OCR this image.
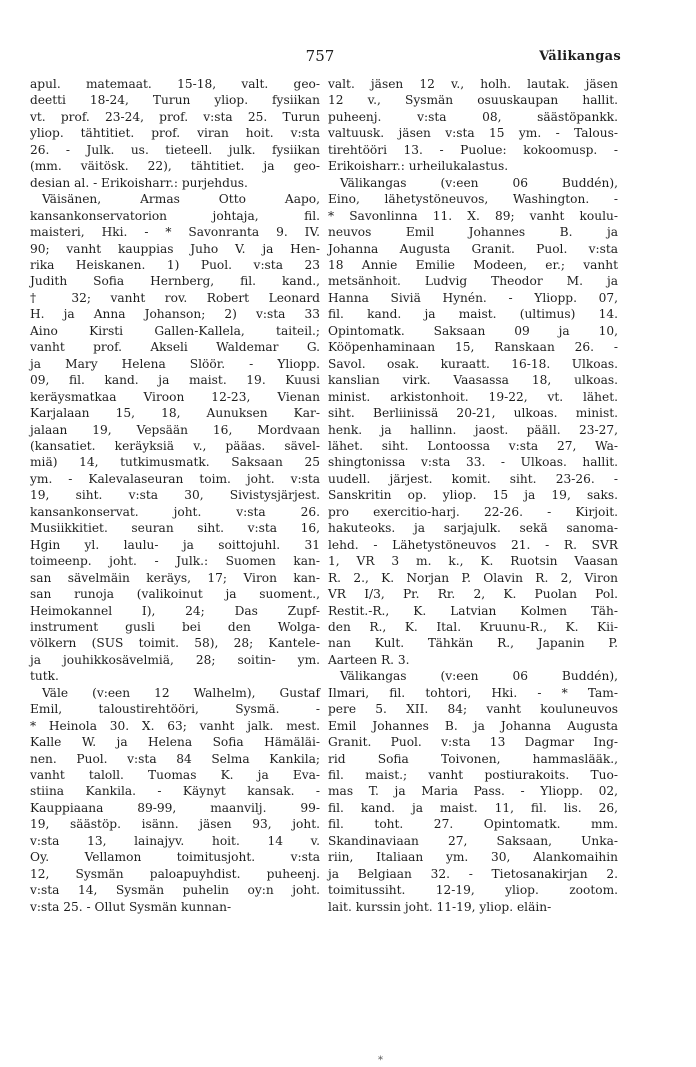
757	Välikangas
apul. matemaat. 15-18, valt. geo-
deetti 18-24, Turun yliop. fysiikan
vt. prof. 23-24, prof. v:sta 25. Turun
yliop. tähtitiet. prof. viran hoit. v:sta
26. - Julk. us. tieteell. julk. fysiikan
(mm. väitösk. 22), tähtitiet. ja geo-
desian al. - Erikoisharr.: purjehdus.
Väisänen, Armas Otto Aapo,
kansankonservatorion johtaja, fil.
maisteri, Hki. - * Savonranta 9. IV.
90; vanht kauppias Juho V. ja Hen-
rika Heiskanen. 1) Puol. v:sta 23
Judith Sofia Hernberg, fil. kand.,
† 32; vanht rov. Robert Leonard
H. ja Anna Johanson; 2) v:sta 33
Aino Kirsti Gallen-Kallela, taiteil.;
vanht prof. Akseli Waldemar G.
ja Mary Helena Slöör. - Yliopp.
09, fil. kand. ja maist. 19. Kuusi
keräysmatkaa Viroon 12-23, Vienan
Karjalaan 15, 18, Aunuksen Kar-
jalaan 19, Vepsään 16, Mordvaan
(kansatiet. keräyksiä v., pääas. sävel-
miä) 14, tutkimusmatk. Saksaan 25
ym. - Kalevalaseuran toim. joht. v:sta
19, siht. v:sta 30, Sivistysjärjest.
kansankonservat. joht. v:sta 26.
Musiikkitiet. seuran siht. v:sta 16,
Hgin yl. laulu- ja soittojuhl. 31
toimeenp. joht. - Julk.: Suomen kan-
san sävelmäin keräys, 17; Viron kan-
san runoja (valikoinut ja suoment.,
Heimokannel I), 24; Das Zupf-
instrument gusli bei den Wolga-
völkern (SUS toimit. 58), 28; Kantele-
ja jouhikkosävelmiä, 28; soitin- ym.
tutk.
Väle (v:een 12 Walhelm), Gustaf
Emil, taloustirehtööri, Sysmä. -
* Heinola 30. X. 63; vanht jalk. mest.
Kalle W. ja Helena Sofia Hämäläi-
nen. Puol. v:sta 84 Selma Kankila;
vanht taloll. Tuomas K. ja Eva-
stiina Kankila. - Käynyt kansak. -
Kauppiaana 89-99, maanvilj. 99-
19, säästöp. isänn. jäsen 93, joht.
v:sta 13, lainajyv. hoit. 14 v.
Oy. Vellamon toimitusjoht. v:sta
12, Sysmän paloapuyhdist. puheenj.
v:sta 14, Sysmän puhelin oy:n joht.
v:sta 25. - Ollut Sysmän kunnan-
valt. jäsen 12 v., holh. lautak. jäsen
12 v., Sysmän osuuskaupan hallit.
puheenj. v:sta 08, säästöpankk.
valtuusk. jäsen v:sta 15 ym. - Talous-
tirehtööri 13. - Puolue: kokoomusp. -
Erikoisharr.: urheilukalastus.
Välikangas (v:een 06 Buddén),
Eino, lähetystöneuvos, Washington. -
* Savonlinna 11. X. 89; vanht koulu-
neuvos Emil Johannes B. ja
Johanna Augusta Granit. Puol. v:sta
18 Annie Emilie Modeen, er.; vanht
metsänhoit. Ludvig Theodor M. ja
Hanna Siviä Hynén. - Yliopp. 07,
fil. kand. ja maist. (ultimus) 14.
Opintomatk. Saksaan 09 ja 10,
Kööpenhaminaan 15, Ranskaan 26. -
Savol. osak. kuraatt. 16-18. Ulkoas.
kanslian virk. Vaasassa 18, ulkoas.
minist. arkistonhoit. 19-22, vt. lähet.
siht. Berliinissä 20-21, ulkoas. minist.
henk. ja hallinn. jaost. pääll. 23-27,
lähet. siht. Lontoossa v:sta 27, Wa-
shingtonissa v:sta 33. - Ulkoas. hallit.
uudell. järjest. komit. siht. 23-26. -
Sanskritin op. yliop. 15 ja 19, saks.
pro exercitio-harj. 22-26. - Kirjoit.
hakuteoks. ja sarjajulk. sekä sanoma-
lehd. - Lähetystöneuvos 21. - R. SVR
1, VR 3 m. k., K. Ruotsin Vaasan
R. 2., K. Norjan P. Olavin R. 2, Viron
VR I/3, Pr. Rr. 2, K. Puolan Pol.
Restit.-R., K. Latvian Kolmen Täh-
den R., K. Ital. Kruunu-R., K. Kii-
nan Kult. Tähkän R., Japanin P.
Aarteen R. 3.
Välikangas (v:een 06 Buddén),
Ilmari, fil. tohtori, Hki. - * Tam-
pere 5. XII. 84; vanht kouluneuvos
Emil Johannes B. ja Johanna Augusta
Granit. Puol. v:sta 13 Dagmar Ing-
rid Sofia Toivonen, hammaslääk.,
fil. maist.; vanht postiurakoits. Tuo-
mas T. ja Maria Pass. - Yliopp. 02,
fil. kand. ja maist. 11, fil. lis. 26,
fil. toht. 27. Opintomatk. mm.
Skandinaviaan 27, Saksaan, Unka-
riin, Italiaan ym. 30, Alankomaihin
ja Belgiaan 32. - Tietosanakirjan 2.
toimitussiht. 12-19, yliop. zootom.
lait. kurssin joht. 11-19, yliop. eläin-
*
